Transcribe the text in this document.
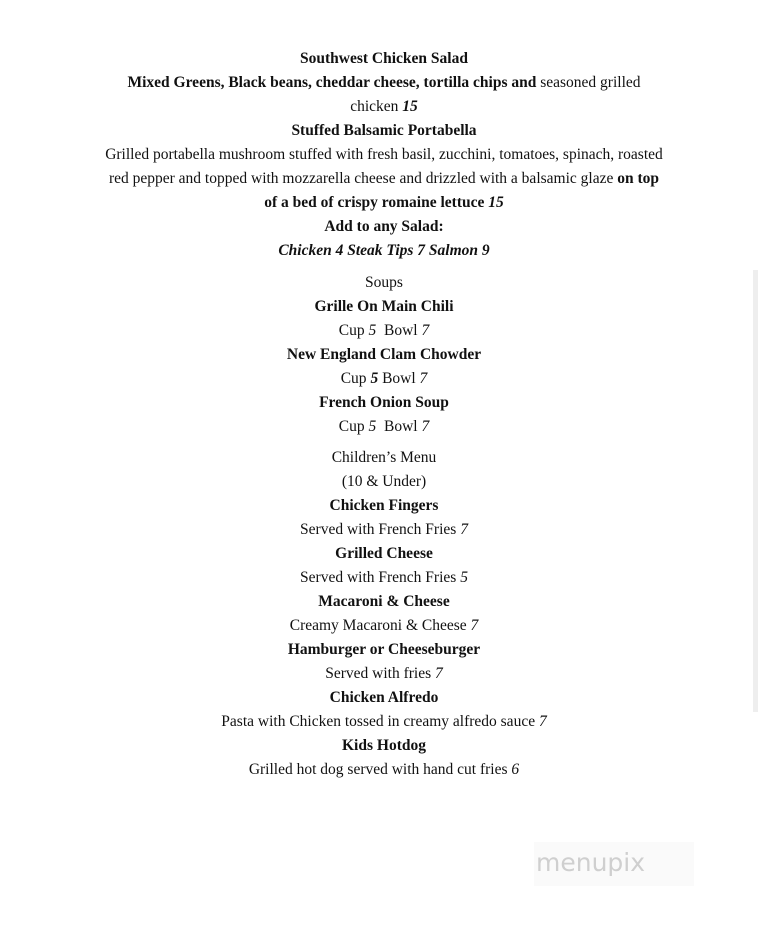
Southwest Chicken Salad
Mixed Greens, Black beans, cheddar cheese, tortilla chips and seasoned grilled
chicken 15
Stuffed Balsamic Portabella
Grilled portabella mushroom stuffed with fresh basil, zucchini, tomatoes, spinach, roasted
red pepper and topped with mozzarella cheese and drizzled with a balsamic glaze on top
of a bed of crispy romaine lettuce 15
Add to any Salad:
Chicken 4 Steak Tips 7 Salmon 9
Soups
Grille On Main Chili
Cup 5  Bowl 7
New England Clam Chowder
Cup 5 Bowl 7
French Onion Soup
Cup 5  Bowl 7
Children’s Menu
(10 & Under)
Chicken Fingers
Served with French Fries 7
Grilled Cheese
Served with French Fries 5
Macaroni & Cheese
Creamy Macaroni & Cheese 7
Hamburger or Cheeseburger
Served with fries 7
Chicken Alfredo
Pasta with Chicken tossed in creamy alfredo sauce 7
Kids Hotdog
Grilled hot dog served with hand cut fries 6
menupix
